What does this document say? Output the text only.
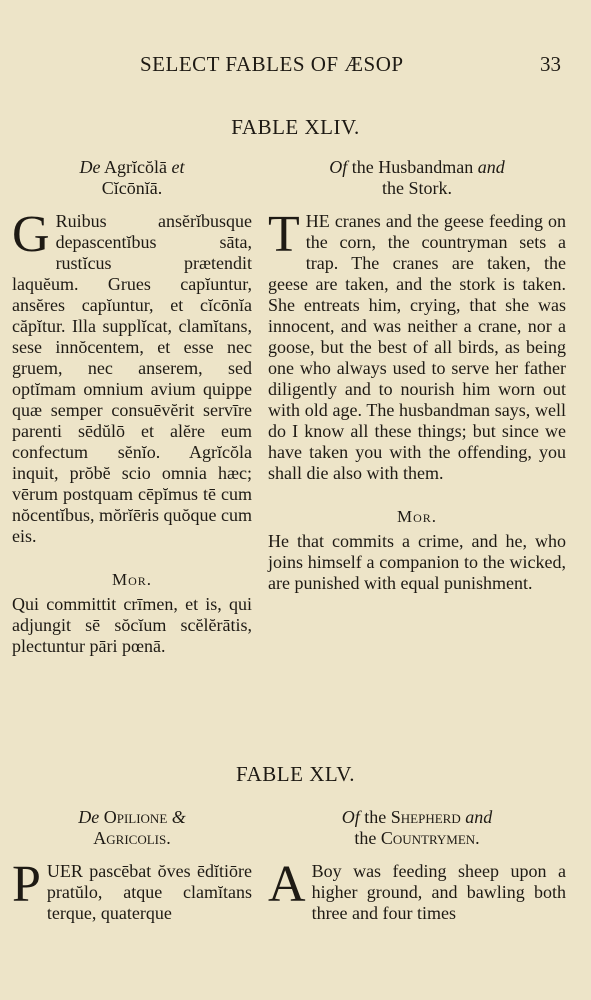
SELECT FABLES OF ÆSOP	33
FABLE XLIV.
De Agrĭcŏlā et
Cĭcōnĭā.
G Ruibus ansĕrĭbusque depascentĭbus sāta, rustĭcus prætendit laquĕum. Grues capĭuntur, ansĕres capĭuntur, et cĭcōnĭa căpĭtur. Illa supplĭcat, clamĭtans, sese innŏcentem, et esse nec gruem, nec anserem, sed optĭmam omnium avium quippe quæ semper consuēvĕrit servīre parenti sēdŭlō et alĕre eum confectum sĕnĭo. Agrĭcŏla inquit, prŏbĕ scio omnia hæc; vērum postquam cēpĭmus tē cum nŏcentĭbus, mŏrĭēris quŏque cum eis.
Mor.
Qui committit crīmen, et is, qui adjungit sē sŏcĭum scĕlĕrātis, plectuntur pāri pœnā.
Of the Husbandman and
the Stork.
THE cranes and the geese feeding on the corn, the countryman sets a trap. The cranes are taken, the geese are taken, and the stork is taken. She entreats him, crying, that she was innocent, and was neither a crane, nor a goose, but the best of all birds, as being one who always used to serve her father diligently and to nourish him worn out with old age. The husbandman says, well do I know all these things; but since we have taken you with the offending, you shall die also with them.
Mor.
He that commits a crime, and he, who joins himself a companion to the wicked, are punished with equal punishment.
FABLE XLV.
De Opilione &
Agricolis.
PUER pascēbat ŏves ēdĭtiōre pratŭlo, atque clamĭtans terque, quaterque
Of the Shepherd and
the Countrymen.
A Boy was feeding sheep upon a higher ground, and bawling both three and four times
